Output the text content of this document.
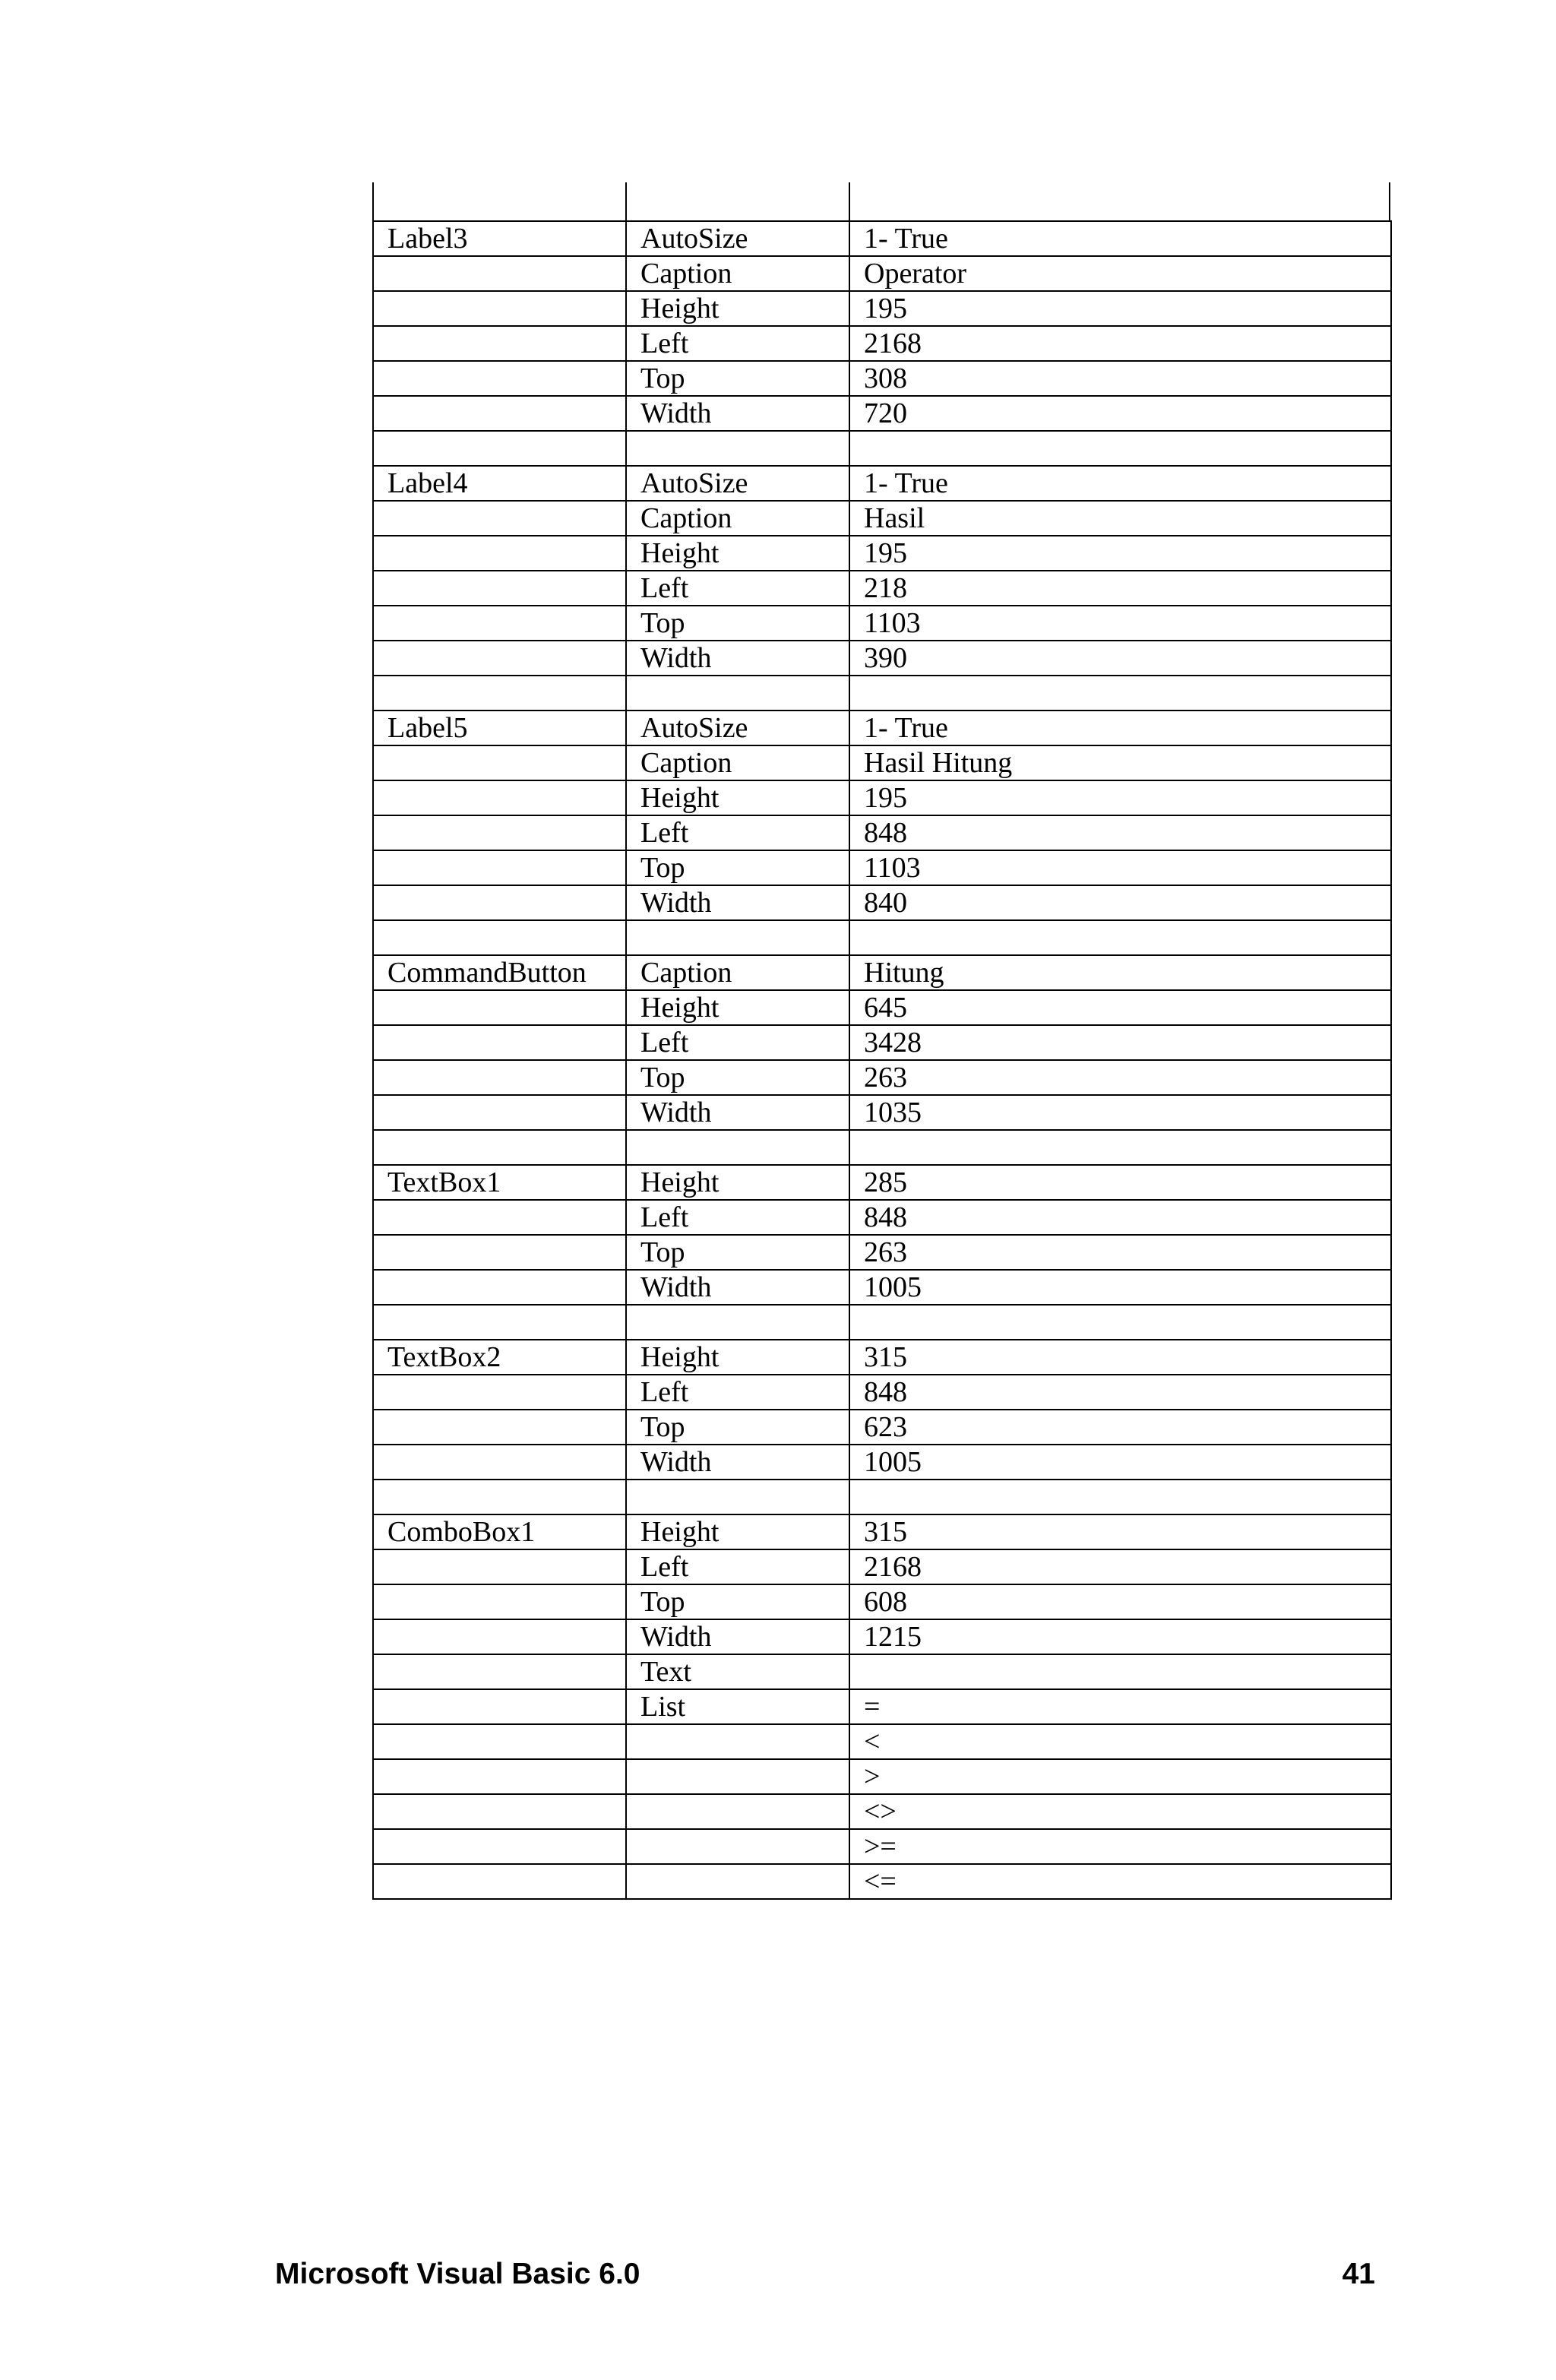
Label3	AutoSize	1- True
	Caption	Operator
	Height	195
	Left	2168
	Top	308
	Width	720

Label4	AutoSize	1- True
	Caption	Hasil
	Height	195
	Left	218
	Top	1103
	Width	390

Label5	AutoSize	1- True
	Caption	Hasil Hitung
	Height	195
	Left	848
	Top	1103
	Width	840

CommandButton	Caption	Hitung
	Height	645
	Left	3428
	Top	263
	Width	1035

TextBox1	Height	285
	Left	848
	Top	263
	Width	1005

TextBox2	Height	315
	Left	848
	Top	623
	Width	1005

ComboBox1	Height	315
	Left	2168
	Top	608
	Width	1215
	Text	
	List	=
		<
		>
		<>
		>=
		<=
Microsoft Visual Basic 6.0	41
